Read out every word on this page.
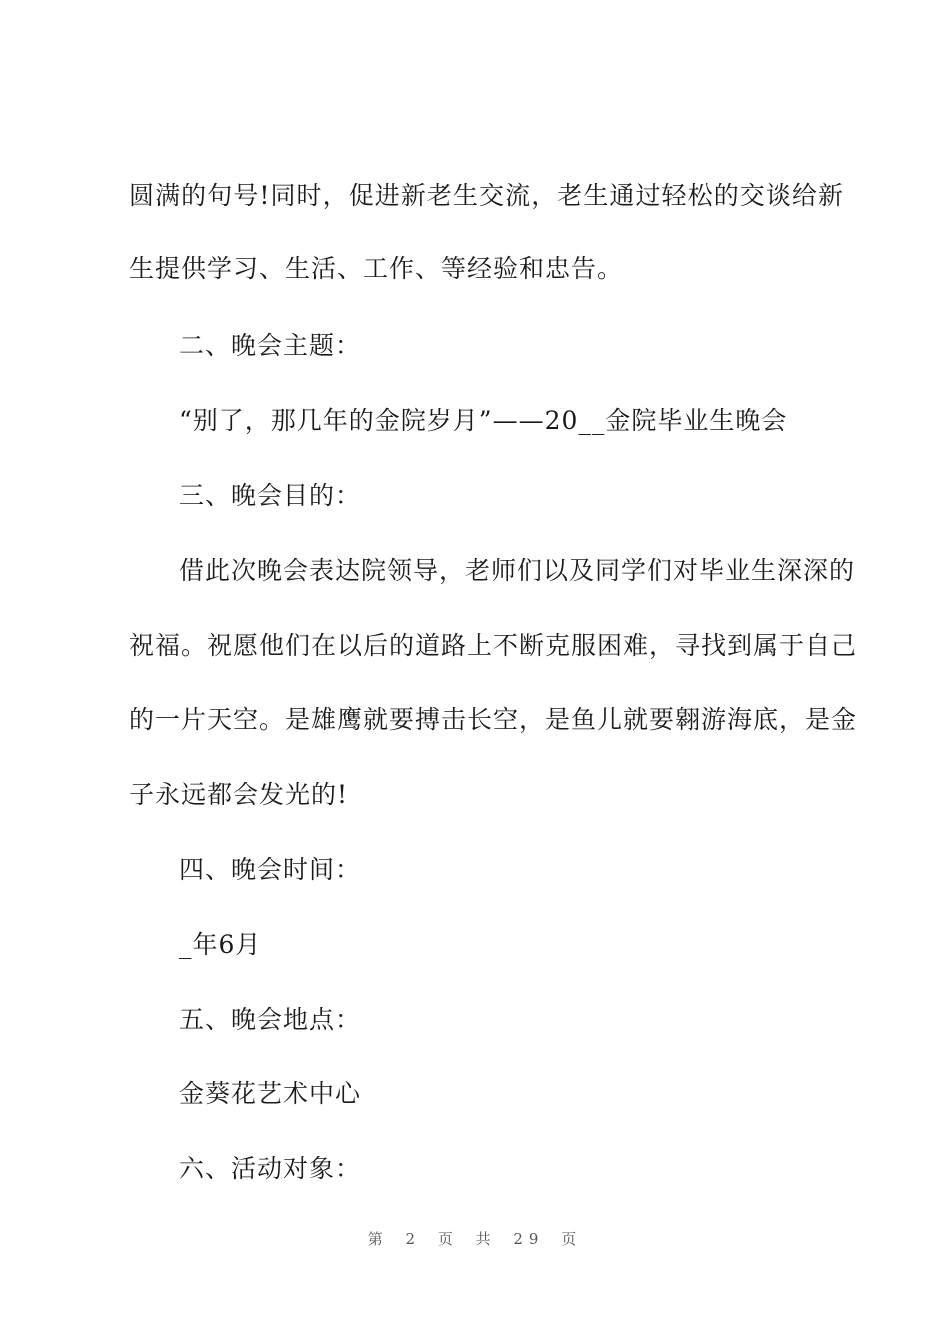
圆满的句号!同时，促进新老生交流，老生通过轻松的交谈给新
生提供学习、生活、工作、等经验和忠告。
二、晚会主题：
“别了，那几年的金院岁月”——20__金院毕业生晚会
三、晚会目的：
借此次晚会表达院领导，老师们以及同学们对毕业生深深的
祝福。祝愿他们在以后的道路上不断克服困难，寻找到属于自己
的一片天空。是雄鹰就要搏击长空，是鱼儿就要翱游海底，是金
子永远都会发光的!
四、晚会时间：
_年6月
五、晚会地点：
金葵花艺术中心
六、活动对象：
第 2 页 共 29 页
